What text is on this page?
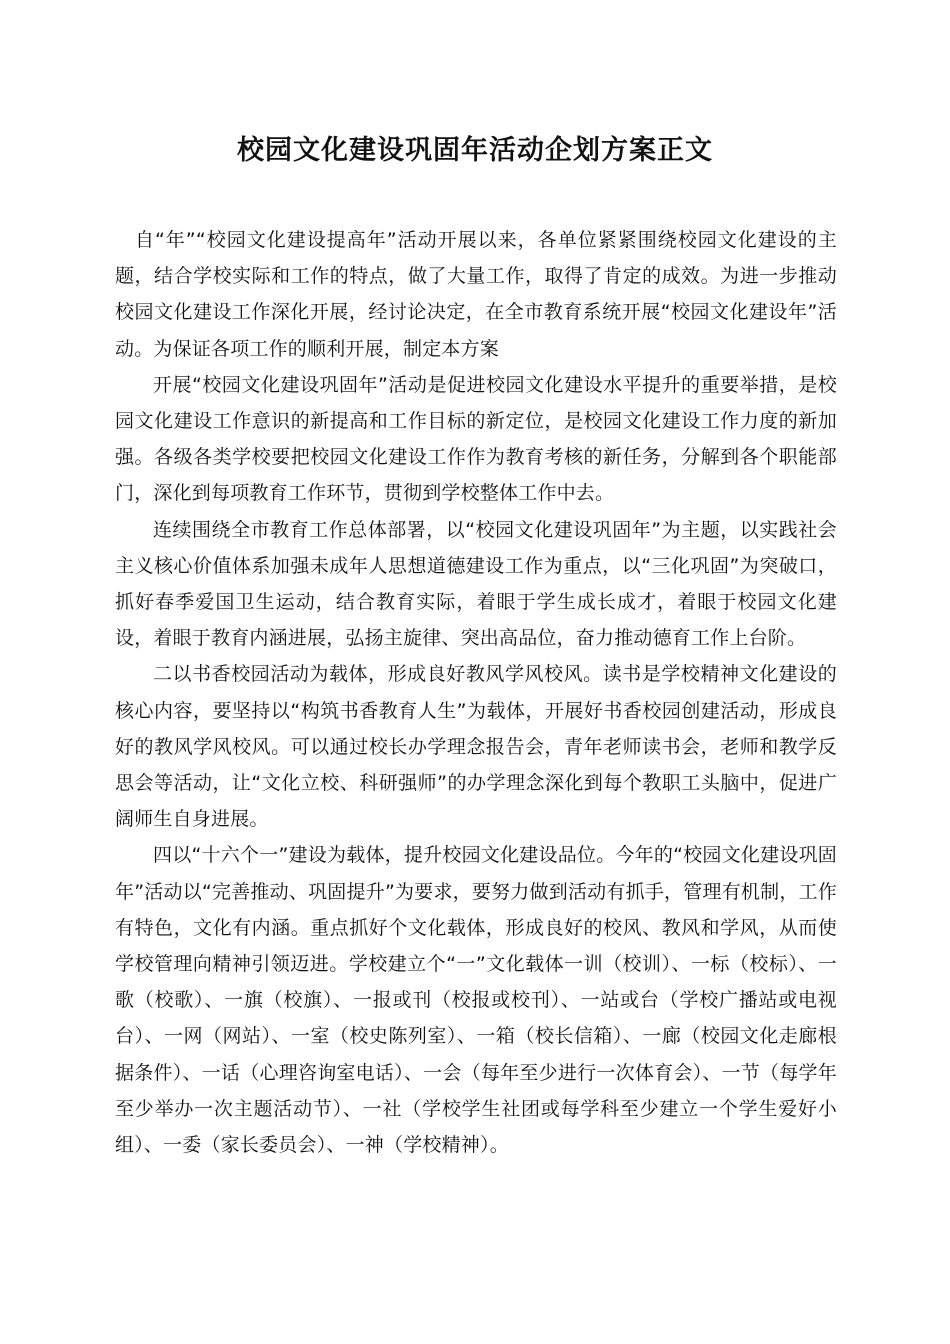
校园文化建设巩固年活动企划方案正文

自“年”“校园文化建设提高年”活动开展以来，各单位紧紧围绕校园文化建设的主题，结合学校实际和工作的特点，做了大量工作，取得了肯定的成效。为进一步推动校园文化建设工作深化开展，经讨论决定，在全市教育系统开展“校园文化建设年”活动。为保证各项工作的顺利开展，制定本方案

开展“校园文化建设巩固年”活动是促进校园文化建设水平提升的重要举措，是校园文化建设工作意识的新提高和工作目标的新定位，是校园文化建设工作力度的新加强。各级各类学校要把校园文化建设工作作为教育考核的新任务，分解到各个职能部门，深化到每项教育工作环节，贯彻到学校整体工作中去。

连续围绕全市教育工作总体部署，以“校园文化建设巩固年”为主题，以实践社会主义核心价值体系加强未成年人思想道德建设工作为重点，以“三化巩固”为突破口，抓好春季爱国卫生运动，结合教育实际，着眼于学生成长成才，着眼于校园文化建设，着眼于教育内涵进展，弘扬主旋律、突出高品位，奋力推动德育工作上台阶。

二以书香校园活动为载体，形成良好教风学风校风。读书是学校精神文化建设的核心内容，要坚持以“构筑书香教育人生”为载体，开展好书香校园创建活动，形成良好的教风学风校风。可以通过校长办学理念报告会，青年老师读书会，老师和教学反思会等活动，让“文化立校、科研强师”的办学理念深化到每个教职工头脑中，促进广阔师生自身进展。

四以“十六个一”建设为载体，提升校园文化建设品位。今年的“校园文化建设巩固年”活动以“完善推动、巩固提升”为要求，要努力做到活动有抓手，管理有机制，工作有特色，文化有内涵。重点抓好个文化载体，形成良好的校风、教风和学风，从而使学校管理向精神引领迈进。学校建立个“一”文化载体一训（校训）、一标（校标）、一歌（校歌）、一旗（校旗）、一报或刊（校报或校刊）、一站或台（学校广播站或电视台）、一网（网站）、一室（校史陈列室）、一箱（校长信箱）、一廊（校园文化走廊根据条件）、一话（心理咨询室电话）、一会（每年至少进行一次体育会）、一节（每学年至少举办一次主题活动节）、一社（学校学生社团或每学科至少建立一个学生爱好小组）、一委（家长委员会）、一神（学校精神）。
